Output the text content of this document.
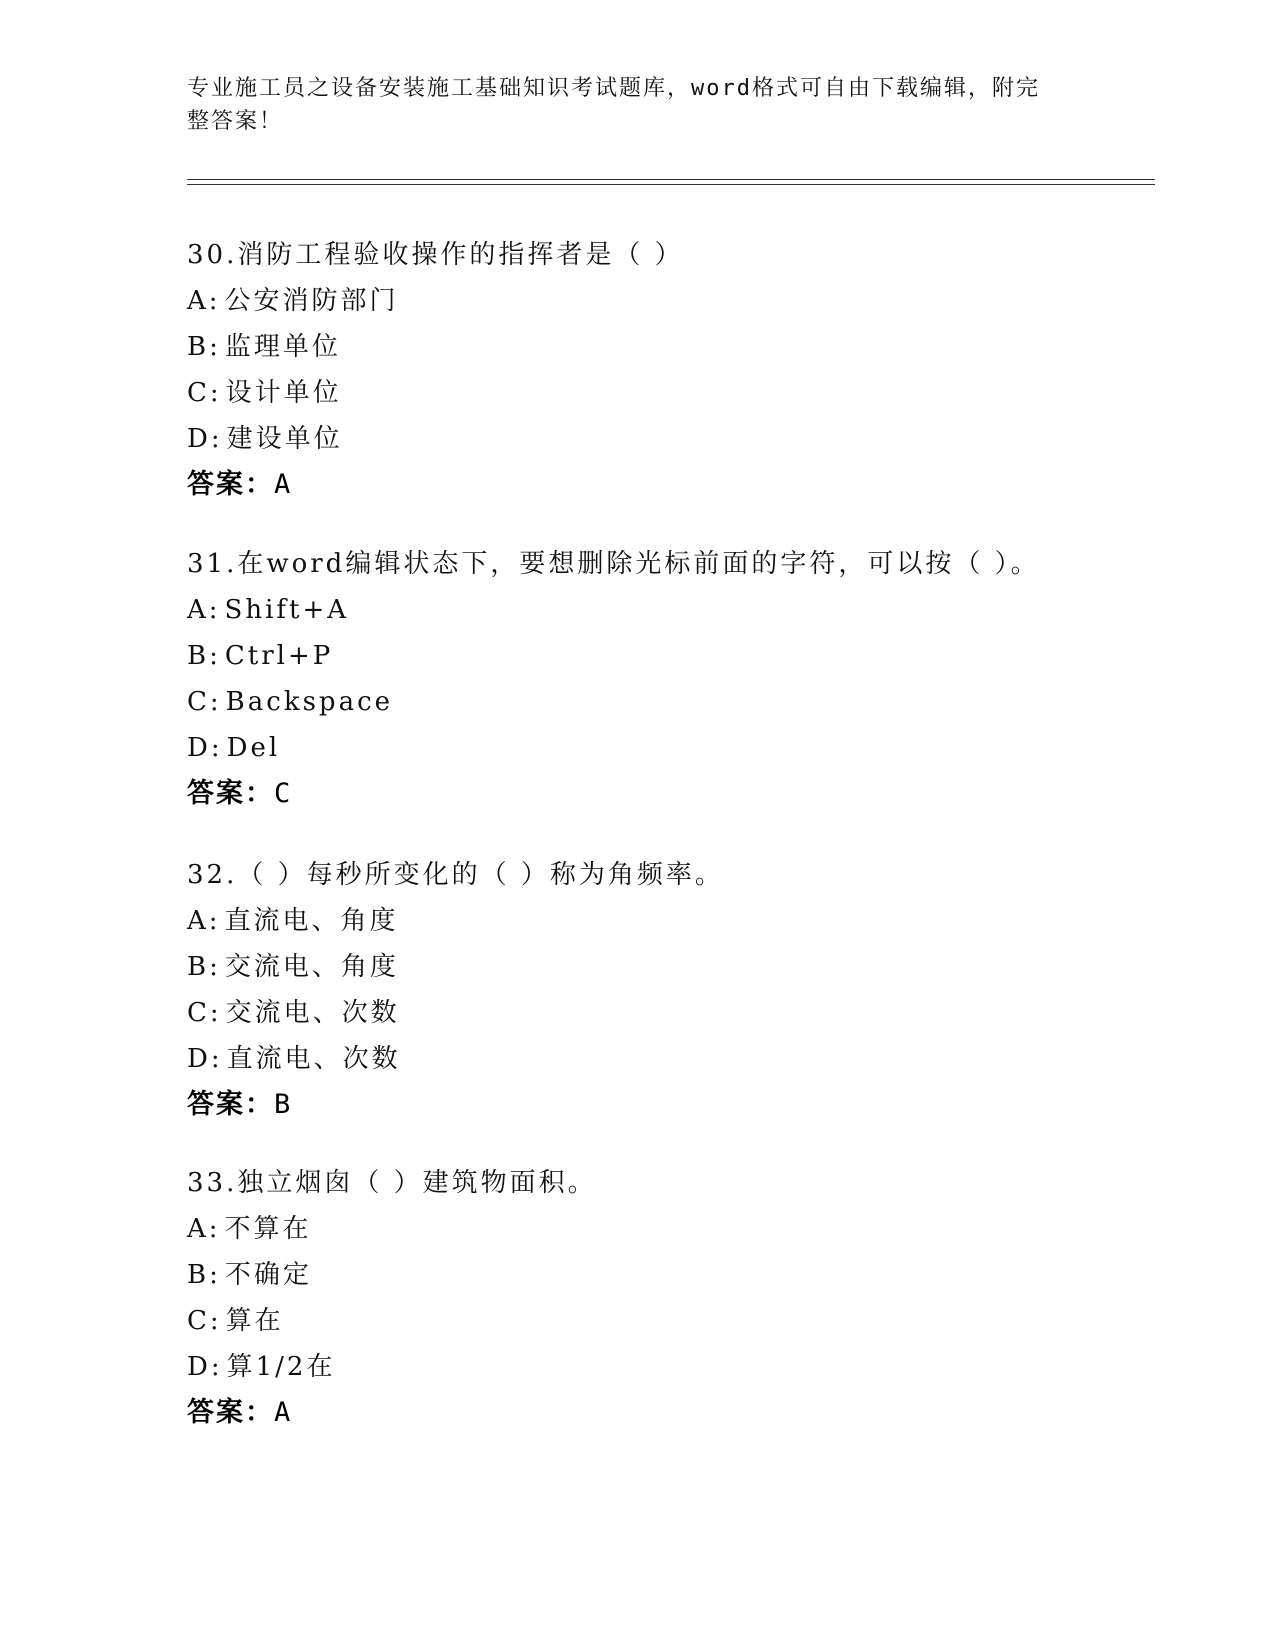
专业施工员之设备安装施工基础知识考试题库，word格式可自由下载编辑，附完
整答案！
30.消防工程验收操作的指挥者是（ ）
A: 公安消防部门
B: 监理单位
C: 设计单位
D: 建设单位
答案：A
31.在word编辑状态下，要想删除光标前面的字符，可以按（ ）。
A: Shift+A
B: Ctrl+P
C: Backspace
D: Del
答案：C
32.（ ）每秒所变化的（ ）称为角频率。
A: 直流电、角度
B: 交流电、角度
C: 交流电、次数
D: 直流电、次数
答案：B
33.独立烟囱（ ）建筑物面积。
A: 不算在
B: 不确定
C: 算在
D: 算1/2在
答案：A
